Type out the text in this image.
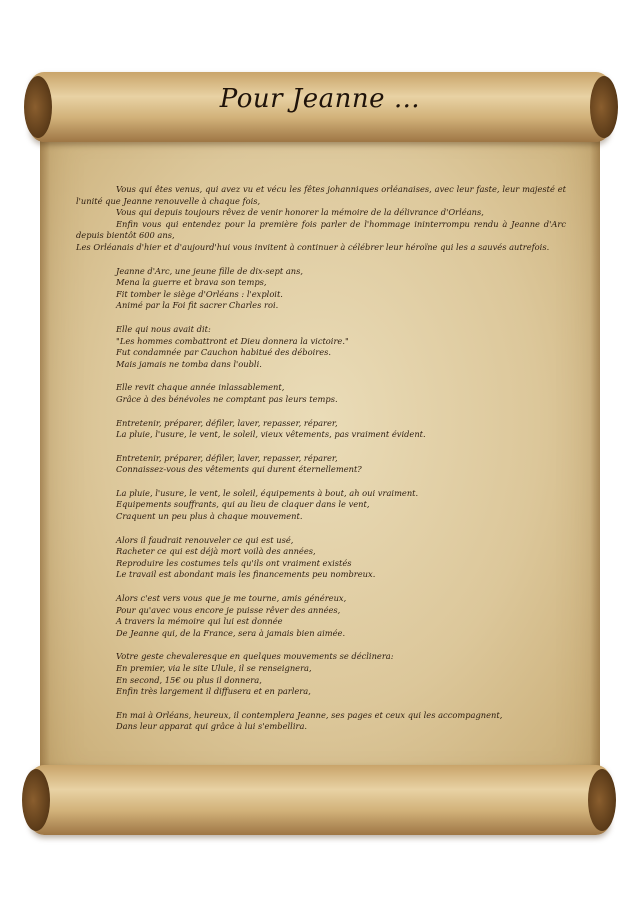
Pour Jeanne …

Vous qui êtes venus, qui avez vu et vécu les fêtes johanniques orléanaises, avec leur faste, leur majesté et l'unité que Jeanne renouvelle à chaque fois,

Vous qui depuis toujours rêvez de venir honorer la mémoire de la délivrance d'Orléans,

Enfin vous qui entendez pour la première fois parler de l'hommage ininterrompu rendu à Jeanne d'Arc depuis bientôt 600 ans,

Les Orléanais d'hier et d'aujourd'hui vous invitent à continuer à célébrer leur héroïne qui les a sauvés autrefois.

Jeanne d'Arc, une jeune fille de dix-sept ans,
Mena la guerre et brava son temps,
Fit tomber le siège d'Orléans : l'exploit.
Animé par la Foi fit sacrer Charles roi.
Elle qui nous avait dit:
"Les hommes combattront et Dieu donnera la victoire."
Fut condamnée par Cauchon habitué des déboires.
Mais jamais ne tomba dans l'oubli.
Elle revit chaque année inlassablement,
Grâce à des bénévoles ne comptant pas leurs temps.
Entretenir, préparer, défiler, laver, repasser, réparer,
La pluie, l'usure, le vent, le soleil, vieux vêtements, pas vraiment évident.
Entretenir, préparer, défiler, laver, repasser, réparer,
Connaissez-vous des vêtements qui durent éternellement?
La pluie, l'usure, le vent, le soleil, équipements à bout, ah oui vraiment.
Equipements souffrants, qui au lieu de claquer dans le vent,
Craquent un peu plus à chaque mouvement.
Alors il faudrait renouveler ce qui est usé,
Racheter ce qui est déjà mort voilà des années,
Reproduire les costumes tels qu'ils ont vraiment existés
Le travail est abondant mais les financements peu nombreux.
Alors c'est vers vous que je me tourne, amis généreux,
Pour qu'avec vous encore je puisse rêver des années,
A travers la mémoire qui lui est donnée
De Jeanne qui, de la France, sera à jamais bien aimée.
Votre geste chevaleresque en quelques mouvements se déclinera:
En premier, via le site Ulule, il se renseignera,
En second, 15€ ou plus il donnera,
Enfin très largement il diffusera et en parlera,
En mai à Orléans, heureux, il contemplera Jeanne, ses pages et ceux qui les accompagnent,
Dans leur apparat qui grâce à lui s'embellira.
